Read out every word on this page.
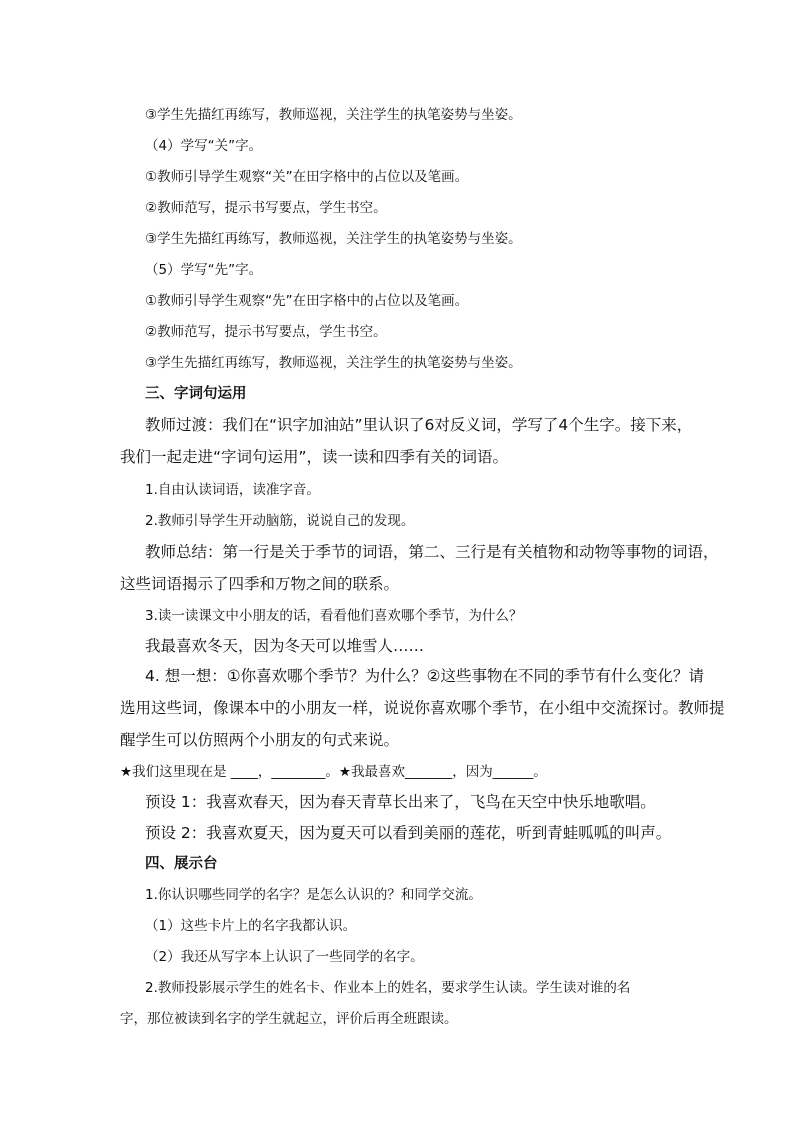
③学生先描红再练写，教师巡视，关注学生的执笔姿势与坐姿。
（4）学写“关”字。
①教师引导学生观察“关”在田字格中的占位以及笔画。
②教师范写，提示书写要点，学生书空。
③学生先描红再练写，教师巡视，关注学生的执笔姿势与坐姿。
（5）学写“先”字。
①教师引导学生观察“先”在田字格中的占位以及笔画。
②教师范写，提示书写要点，学生书空。
③学生先描红再练写，教师巡视，关注学生的执笔姿势与坐姿。
三、字词句运用
教师过渡：我们在“识字加油站”里认识了6对反义词，学写了4个生字。接下来，
我们一起走进“字词句运用”，读一读和四季有关的词语。
1.自由认读词语，读准字音。
2.教师引导学生开动脑筋，说说自己的发现。
教师总结：第一行是关于季节的词语，第二、三行是有关植物和动物等事物的词语，
这些词语揭示了四季和万物之间的联系。
3.读一读课文中小朋友的话，看看他们喜欢哪个季节，为什么？
我最喜欢冬天，因为冬天可以堆雪人……
4. 想一想：①你喜欢哪个季节？为什么？②这些事物在不同的季节有什么变化？请
选用这些词，像课本中的小朋友一样，说说你喜欢哪个季节，在小组中交流探讨。教师提
醒学生可以仿照两个小朋友的句式来说。
★我们这里现在是 ____，________。★我最喜欢_______，因为______。
预设 1：我喜欢春天，因为春天青草长出来了，飞鸟在天空中快乐地歌唱。
预设 2：我喜欢夏天，因为夏天可以看到美丽的莲花，听到青蛙呱呱的叫声。
四、展示台
1.你认识哪些同学的名字？是怎么认识的？和同学交流。
（1）这些卡片上的名字我都认识。
（2）我还从写字本上认识了一些同学的名字。
2.教师投影展示学生的姓名卡、作业本上的姓名，要求学生认读。学生读对谁的名
字，那位被读到名字的学生就起立，评价后再全班跟读。
